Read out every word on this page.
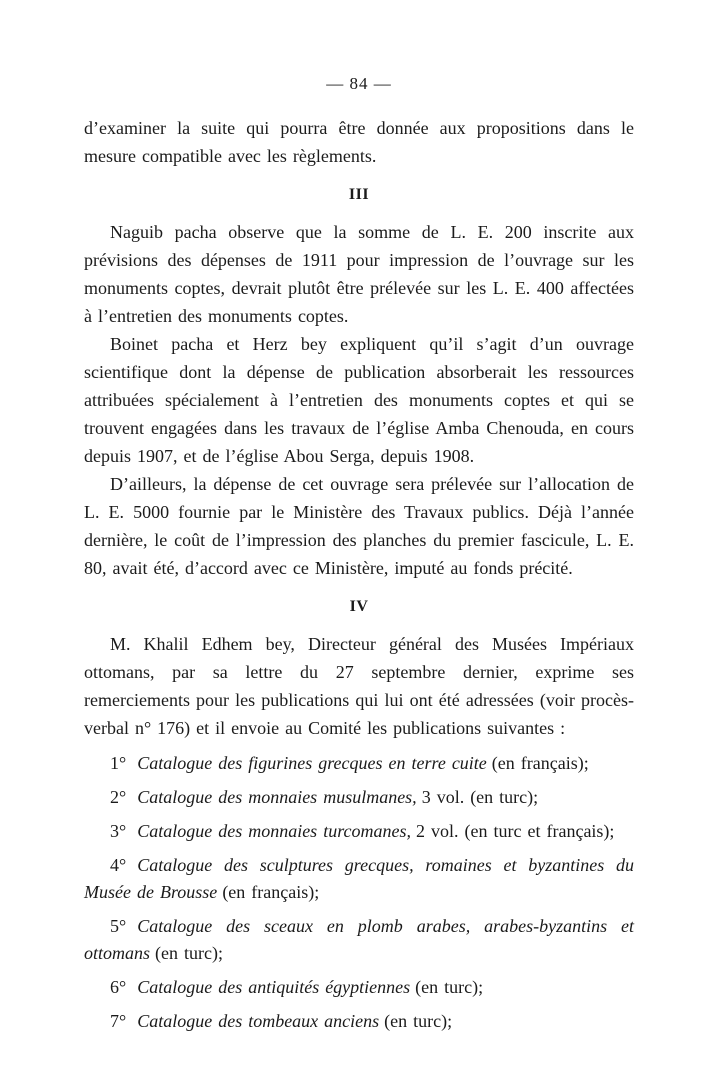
— 84 —

d’examiner la suite qui pourra être donnée aux propositions dans le mesure compatible avec les règlements.

III

Naguib pacha observe que la somme de L. E. 200 inscrite aux prévisions des dépenses de 1911 pour impression de l’ouvrage sur les monuments coptes, devrait plutôt être prélevée sur les L. E. 400 affectées à l’entretien des monuments coptes.

Boinet pacha et Herz bey expliquent qu’il s’agit d’un ouvrage scientifique dont la dépense de publication absorberait les ressources attribuées spécialement à l’entretien des monuments coptes et qui se trouvent engagées dans les travaux de l’église Amba Chenouda, en cours depuis 1907, et de l’église Abou Serga, depuis 1908.

D’ailleurs, la dépense de cet ouvrage sera prélevée sur l’allocation de L. E. 5000 fournie par le Ministère des Travaux publics. Déjà l’année dernière, le coût de l’impression des planches du premier fascicule, L. E. 80, avait été, d’accord avec ce Ministère, imputé au fonds précité.

IV

M. Khalil Edhem bey, Directeur général des Musées Impériaux ottomans, par sa lettre du 27 septembre dernier, exprime ses remerciements pour les publications qui lui ont été adressées (voir procès-verbal n° 176) et il envoie au Comité les publications suivantes :

1° Catalogue des figurines grecques en terre cuite (en français);

2° Catalogue des monnaies musulmanes, 3 vol. (en turc);

3° Catalogue des monnaies turcomanes, 2 vol. (en turc et français);

4° Catalogue des sculptures grecques, romaines et byzantines du Musée de Brousse (en français);

5° Catalogue des sceaux en plomb arabes, arabes-byzantins et ottomans (en turc);

6° Catalogue des antiquités égyptiennes (en turc);

7° Catalogue des tombeaux anciens (en turc);
